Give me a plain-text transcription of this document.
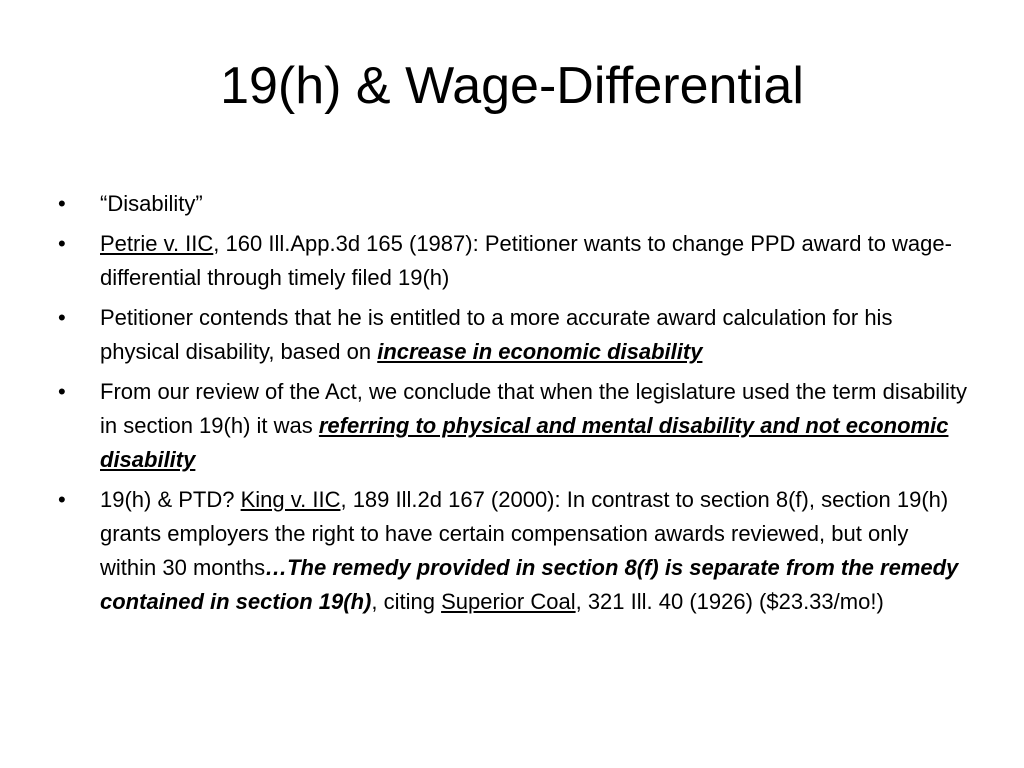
19(h) & Wage-Differential
•	“Disability”
•	Petrie v. IIC, 160 Ill.App.3d 165 (1987): Petitioner wants to change PPD award to wage-differential through timely filed 19(h)
•	Petitioner contends that he is entitled to a more accurate award calculation for his physical disability, based on increase in economic disability
•	From our review of the Act, we conclude that when the legislature used the term disability in section 19(h) it was referring to physical and mental disability and not economic disability
•	19(h) & PTD? King v. IIC, 189 Ill.2d 167 (2000): In contrast to section 8(f), section 19(h) grants employers the right to have certain compensation awards reviewed, but only within 30 months…The remedy provided in section 8(f) is separate from the remedy contained in section 19(h), citing Superior Coal, 321 Ill. 40 (1926) ($23.33/mo!)
